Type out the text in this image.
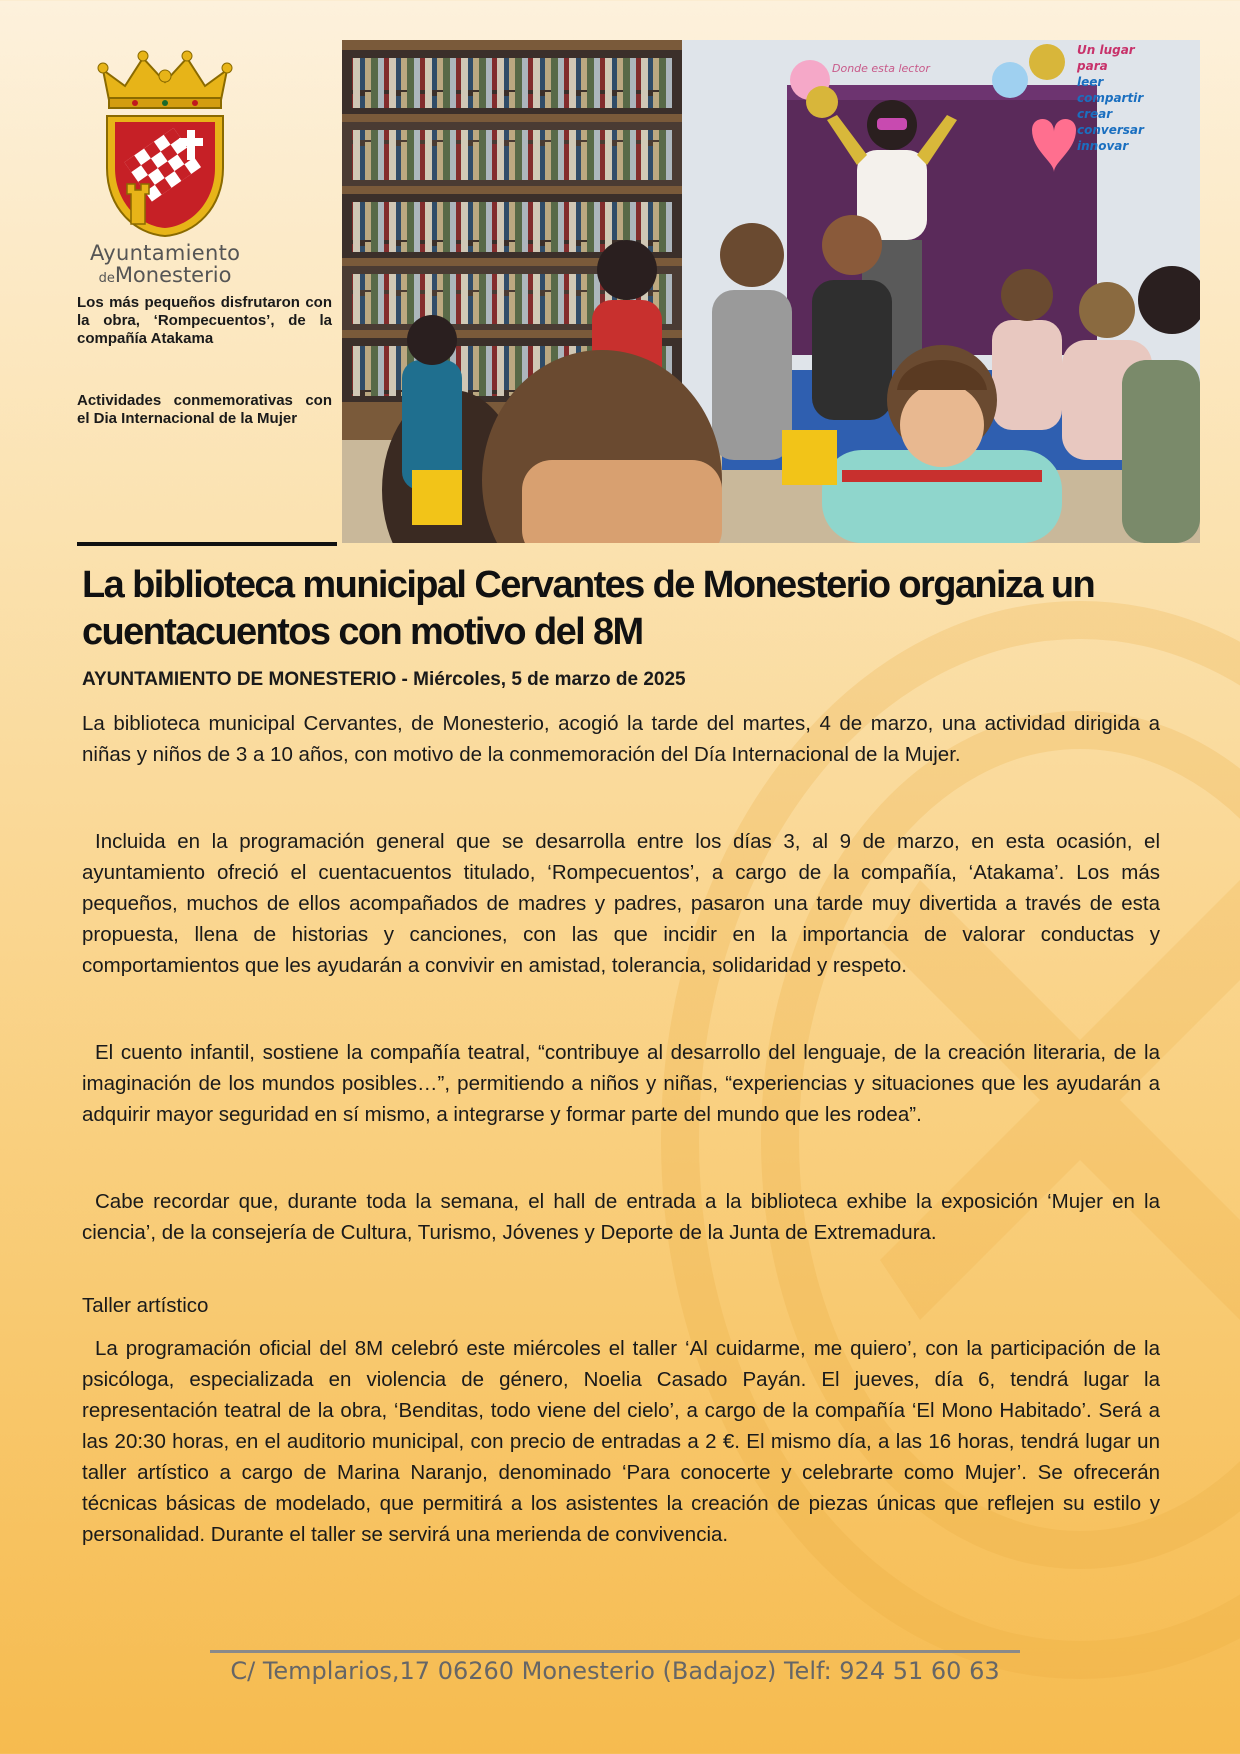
Ayuntamiento
deMonesterio
Los más pequeños disfrutaron con la obra, ‘Rompecuentos’, de la compañía Atakama
Actividades conmemorativas con el Dia Internacional de la Mujer
Donde esta lector
Un lugar
para
leer
compartir
crear
conversar
innovar
La biblioteca municipal Cervantes de Monesterio organiza un cuentacuentos con motivo del 8M
AYUNTAMIENTO DE MONESTERIO - Miércoles, 5 de marzo de 2025

La biblioteca municipal Cervantes, de Monesterio, acogió la tarde del martes, 4 de marzo, una actividad dirigida a niñas y niños de 3 a 10 años, con motivo de la conmemoración del Día Internacional de la Mujer.

Incluida en la programación general que se desarrolla entre los días 3, al 9 de marzo, en esta ocasión, el ayuntamiento ofreció el cuentacuentos titulado, ‘Rompecuentos’, a cargo de la compañía, ‘Atakama’. Los más pequeños, muchos de ellos acompañados de madres y padres, pasaron una tarde muy divertida a través de esta propuesta, llena de historias y canciones, con las que incidir en la importancia de valorar conductas y comportamientos que les ayudarán a convivir en amistad, tolerancia, solidaridad y respeto.

El cuento infantil, sostiene la compañía teatral, “contribuye al desarrollo del lenguaje, de la creación literaria, de la imaginación de los mundos posibles…”, permitiendo a niños y niñas, “experiencias y situaciones que les ayudarán a adquirir mayor seguridad en sí mismo, a integrarse y formar parte del mundo que les rodea”.

Cabe recordar que, durante toda la semana, el hall de entrada a la biblioteca exhibe la exposición ‘Mujer en la ciencia’, de la consejería de Cultura, Turismo, Jóvenes y Deporte de la Junta de Extremadura.

Taller artístico

La programación oficial del 8M celebró este miércoles el taller ‘Al cuidarme, me quiero’, con la participación de la psicóloga, especializada en violencia de género, Noelia Casado Payán. El jueves, día 6, tendrá lugar la representación teatral de la obra, ‘Benditas, todo viene del cielo’, a cargo de la compañía ‘El Mono Habitado’. Será a las 20:30 horas, en el auditorio municipal, con precio de entradas a 2 €. El mismo día, a las 16 horas, tendrá lugar un taller artístico a cargo de Marina Naranjo, denominado ‘Para conocerte y celebrarte como Mujer’. Se ofrecerán técnicas básicas de modelado, que permitirá a los asistentes la creación de piezas únicas que reflejen su estilo y personalidad. Durante el taller se servirá una merienda de convivencia.

C/ Templarios,17 06260 Monesterio (Badajoz) Telf: 924 51 60 63
